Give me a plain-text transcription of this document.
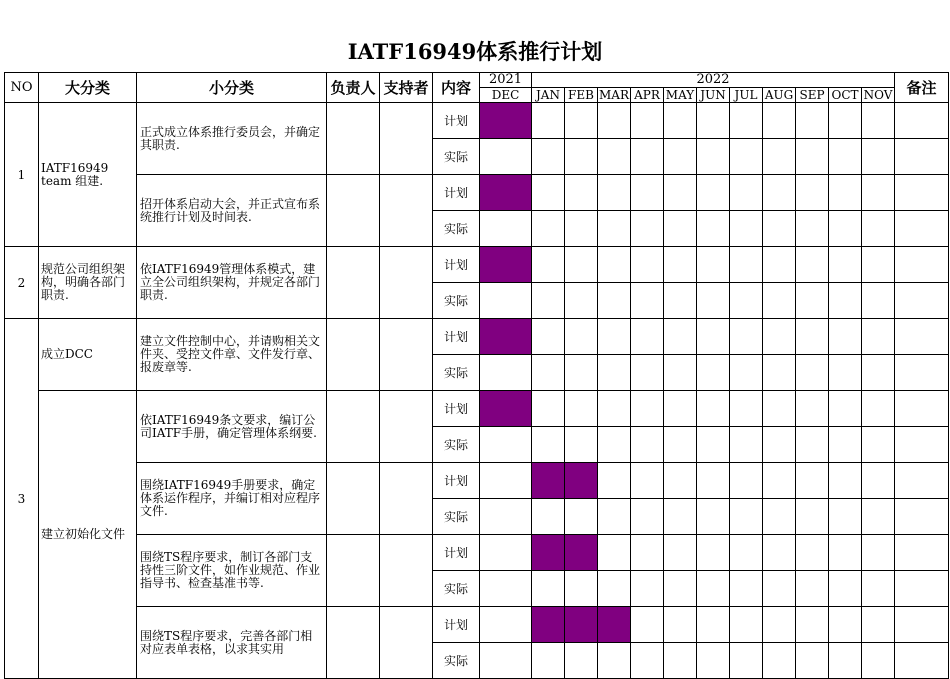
IATF16949体系推行计划
NO	大分类	小分类	负责人	支持者	内容	2021	2022											备注
						DEC	JAN	FEB	MAR	APR	MAY	JUN	JUL	AUG	SEP	OCT	NOV	
1	IATF16949 team 组建.	正式成立体系推行委员会，并确定其职责.			计划													
					实际													
		招开体系启动大会，并正式宣布系统推行计划及时间表.			计划													
					实际													
2	规范公司组织架构，明确各部门职责.	依IATF16949管理体系模式，建立全公司组织架构，并规定各部门职责.			计划													
					实际													
3	成立DCC	建立文件控制中心，并请购相关文件夹、受控文件章、文件发行章、报废章等.			计划													
					实际													
	建立初始化文件	依IATF16949条文要求，编订公司IATF手册，确定管理体系纲要.			计划													
					实际													
		围绕IATF16949手册要求，确定体系运作程序，并编订相对应程序文件.			计划													
					实际													
		围绕TS程序要求，制订各部门支持性三阶文件，如作业规范、作业指导书、检查基准书等.			计划													
					实际													
		围绕TS程序要求，完善各部门相对应表单表格，以求其实用			计划													
					实际													
